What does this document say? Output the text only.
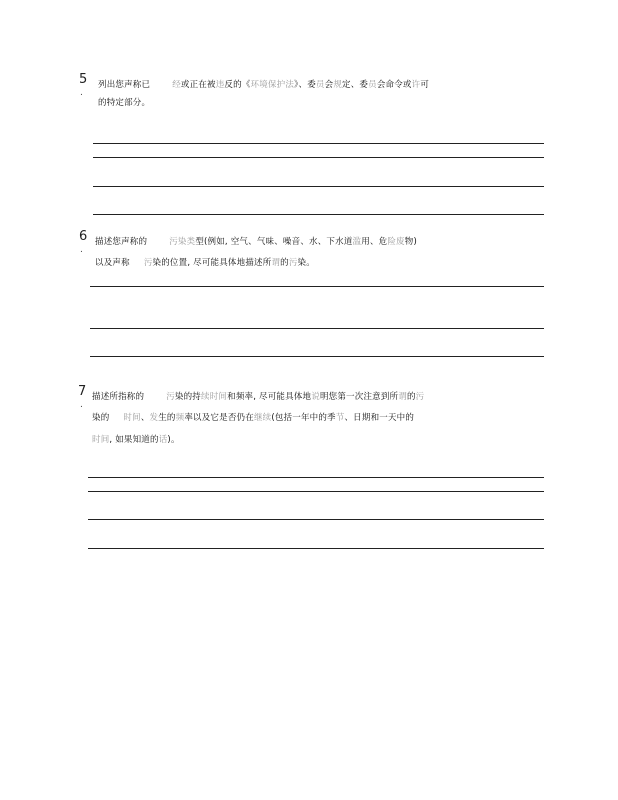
5
.
列出您声称已	经或正在被违反的《环境保护法》、委员会规定、委员会命令或许可
的特定部分。
6
.
描述您声称的	污染类型(例如, 空气、气味、噪音、水、下水道滥用、危险废物)
以及声称 污染的位置, 尽可能具体地描述所谓的污染。
7
.
描述所指称的	污染的持续时间和频率, 尽可能具体地说明您第一次注意到所谓的污
染的 时间、发生的频率以及它是否仍在继续(包括一年中的季节、日期和一天中的
时间, 如果知道的话)。
